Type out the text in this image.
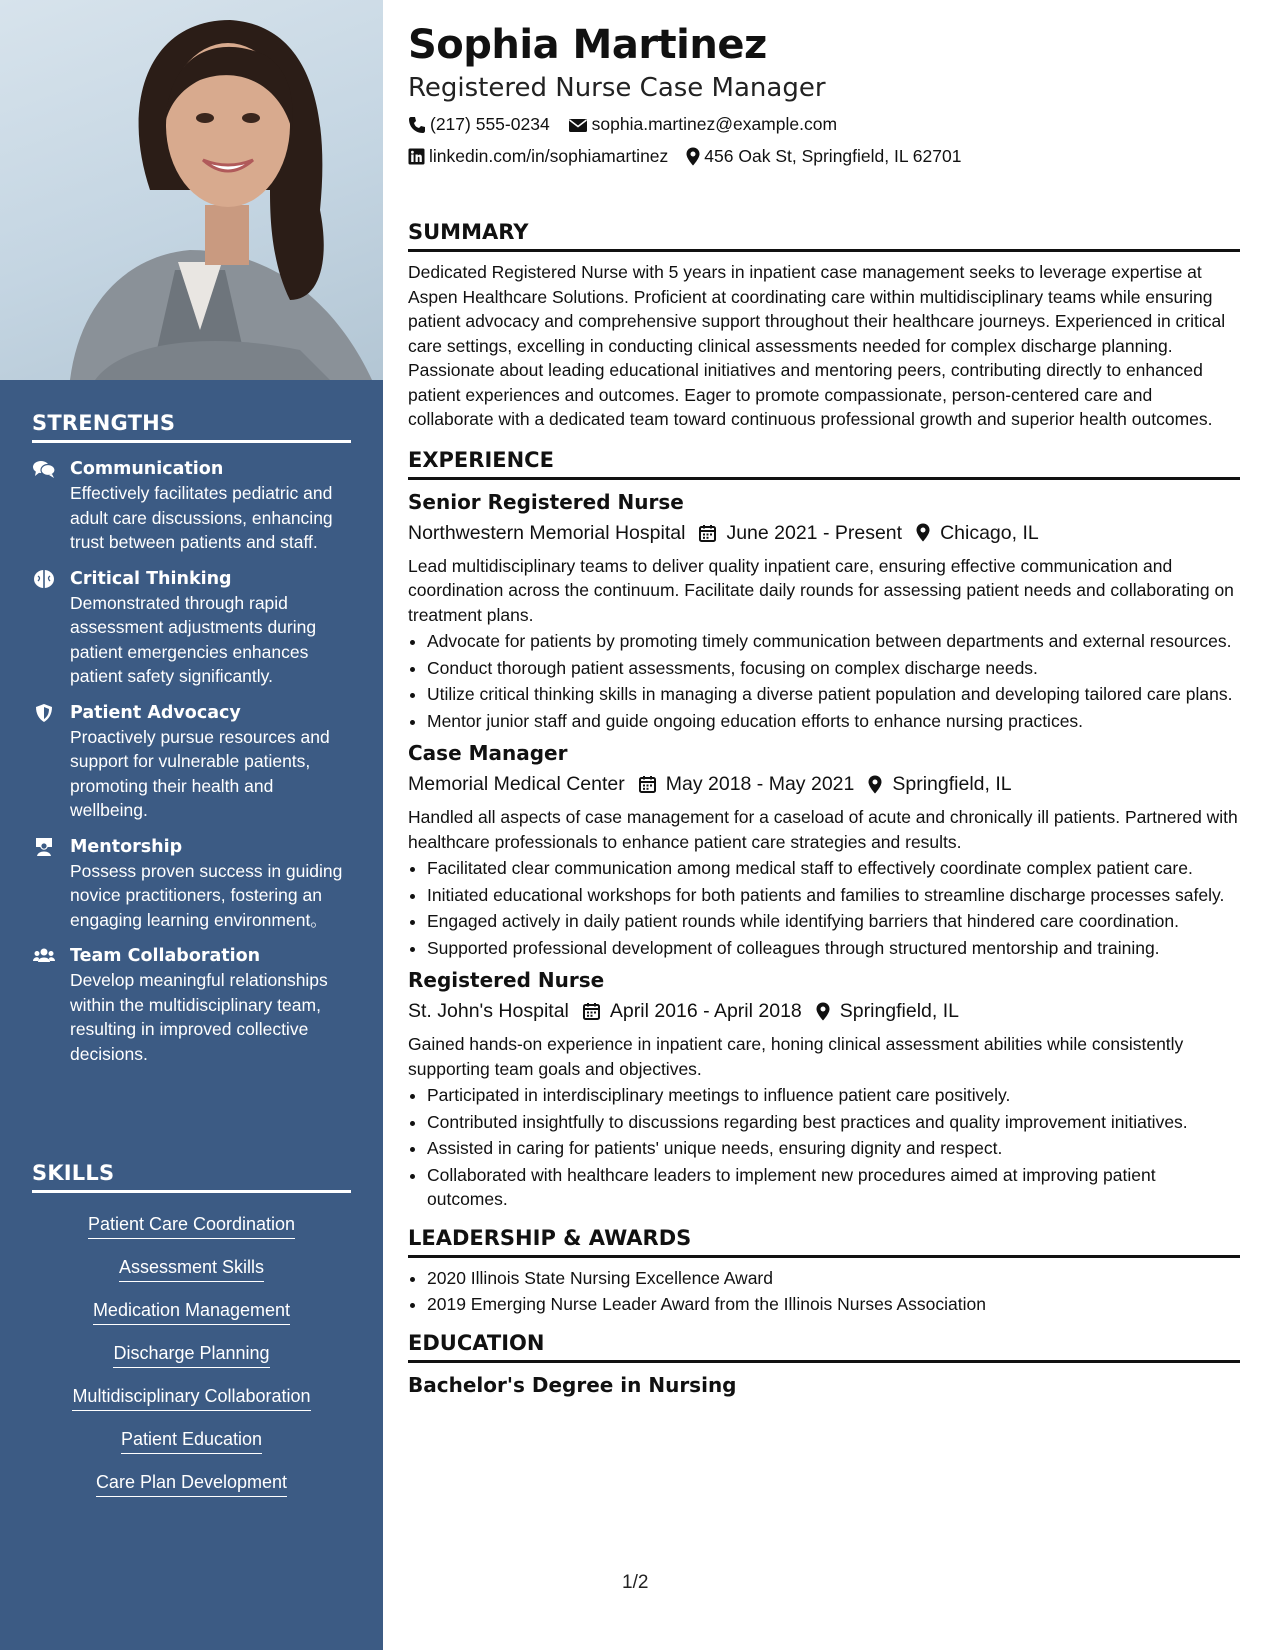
STRENGTHS
Communication
Effectively facilitates pediatric and adult care discussions, enhancing trust between patients and staff.
Critical Thinking
Demonstrated through rapid assessment adjustments during patient emergencies enhances patient safety significantly.
Patient Advocacy
Proactively pursue resources and support for vulnerable patients, promoting their health and wellbeing.
Mentorship
Possess proven success in guiding novice practitioners, fostering an engaging learning environment。
Team Collaboration
Develop meaningful relationships within the multidisciplinary team, resulting in improved collective decisions.
SKILLS
Patient Care Coordination
Assessment Skills
Medication Management
Discharge Planning
Multidisciplinary Collaboration
Patient Education
Care Plan Development
Sophia Martinez
Registered Nurse Case Manager
(217) 555-0234 sophia.martinez@example.com
linkedin.com/in/sophiamartinez 456 Oak St, Springfield, IL 62701
SUMMARY
Dedicated Registered Nurse with 5 years in inpatient case management seeks to leverage expertise at Aspen Healthcare Solutions. Proficient at coordinating care within multidisciplinary teams while ensuring patient advocacy and comprehensive support throughout their healthcare journeys. Experienced in critical care settings, excelling in conducting clinical assessments needed for complex discharge planning. Passionate about leading educational initiatives and mentoring peers, contributing directly to enhanced patient experiences and outcomes. Eager to promote compassionate, person-centered care and collaborate with a dedicated team toward continuous professional growth and superior health outcomes.
EXPERIENCE
Senior Registered Nurse
Northwestern Memorial Hospital June 2021 - Present Chicago, IL
Lead multidisciplinary teams to deliver quality inpatient care, ensuring effective communication and coordination across the continuum. Facilitate daily rounds for assessing patient needs and collaborating on treatment plans.
• Advocate for patients by promoting timely communication between departments and external resources.
• Conduct thorough patient assessments, focusing on complex discharge needs.
• Utilize critical thinking skills in managing a diverse patient population and developing tailored care plans.
• Mentor junior staff and guide ongoing education efforts to enhance nursing practices.
Case Manager
Memorial Medical Center May 2018 - May 2021 Springfield, IL
Handled all aspects of case management for a caseload of acute and chronically ill patients. Partnered with healthcare professionals to enhance patient care strategies and results.
• Facilitated clear communication among medical staff to effectively coordinate complex patient care.
• Initiated educational workshops for both patients and families to streamline discharge processes safely.
• Engaged actively in daily patient rounds while identifying barriers that hindered care coordination.
• Supported professional development of colleagues through structured mentorship and training.
Registered Nurse
St. John's Hospital April 2016 - April 2018 Springfield, IL
Gained hands-on experience in inpatient care, honing clinical assessment abilities while consistently supporting team goals and objectives.
• Participated in interdisciplinary meetings to influence patient care positively.
• Contributed insightfully to discussions regarding best practices and quality improvement initiatives.
• Assisted in caring for patients' unique needs, ensuring dignity and respect.
• Collaborated with healthcare leaders to implement new procedures aimed at improving patient outcomes.
LEADERSHIP & AWARDS
• 2020 Illinois State Nursing Excellence Award
• 2019 Emerging Nurse Leader Award from the Illinois Nurses Association
EDUCATION
Bachelor's Degree in Nursing
1/2
